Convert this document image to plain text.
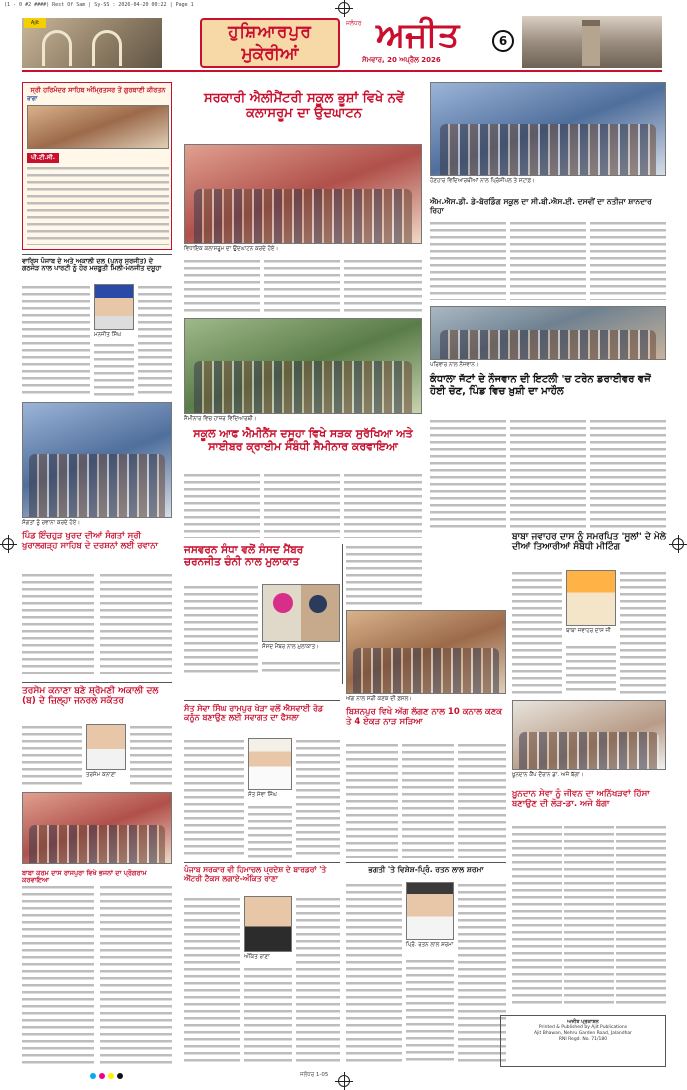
(1 - 0 #2 ####) Rest Of Sam | Sy-SS : 2026-04-20 00:22 | Page 1
Ajit	ਹੁਸ਼ਿਆਰਪੁਰ
ਮੁਕੇਰੀਆਂ
ਜਲੰਧਰ ਅਜੀਤ
ਸੋਮਵਾਰ, 20 ਅਪ੍ਰੈਲ 2026
6
ਸ੍ਰੀ ਹਰਿਮੰਦਰ ਸਾਹਿਬ ਅੰਮ੍ਰਿਤਸਰ ਤੋਂ ਗੁਰਬਾਣੀ ਕੀਰਤਨ
ਰਾਗਾ
ਪੀ.ਟੀ.ਸੀ.
ਸਰਕਾਰੀ ਐਲੀਮੈਂਟਰੀ ਸਕੂਲ ਭੂਸ਼ਾਂ ਵਿਖੇ ਨਵੇਂ ਕਲਾਸਰੂਮ ਦਾ ਉਦਘਾਟਨ
ਵਿਧਾਇਕ ਕਲਾਸਰੂਮ ਦਾ ਉਦਘਾਟਨ ਕਰਦੇ ਹੋਏ।
ਹੋਣਹਾਰ ਵਿਦਿਆਰਥੀਆਂ ਨਾਲ ਪ੍ਰਿੰਸੀਪਲ ਤੇ ਸਟਾਫ਼।
ਐਮ.ਐਸ.ਡੀ. ਡੇ-ਬੋਰਡਿੰਗ ਸਕੂਲ ਦਾ ਸੀ.ਬੀ.ਐਸ.ਈ. ਦਸਵੀਂ ਦਾ ਨਤੀਜਾ ਸ਼ਾਨਦਾਰ ਰਿਹਾ
ਵਾਰਿਸ ਪੰਜਾਬ ਦੇ ਅਤੇ ਅਕਾਲੀ ਦਲ (ਪੁਨਰ ਸੁਰਜੀਤ) ਦੇ ਗਠਜੋੜ ਨਾਲ ਪਾਰਟੀ ਨੂੰ ਹੋਰ ਮਜ਼ਬੂਤੀ ਮਿਲੀ-ਮਨਜੀਤ ਦਸੂਹਾ
ਮਨਜੀਤ ਸਿੰਘ
ਸੈਮੀਨਾਰ ਵਿਚ ਹਾਜ਼ਰ ਵਿਦਿਆਰਥੀ।
ਸਕੂਲ ਆਫ ਐਮੀਨੈਂਸ ਦਸੂਹਾ ਵਿਖੇ ਸੜਕ ਸੁਰੱਖਿਆ ਅਤੇ ਸਾਈਬਰ ਕ੍ਰਾਈਮ ਸੰਬੰਧੀ ਸੈਮੀਨਾਰ ਕਰਵਾਇਆ
ਪਰਿਵਾਰ ਨਾਲ ਨੌਜਵਾਨ।
ਕੰਧਾਲਾ ਜੱਟਾਂ ਦੇ ਨੌਜਵਾਨ ਦੀ ਇਟਲੀ 'ਚ ਟਰੇਨ ਡਰਾਈਵਰ ਵਜੋਂ ਹੋਈ ਚੋਣ, ਪਿੰਡ ਵਿਚ ਖ਼ੁਸ਼ੀ ਦਾ ਮਾਹੌਲ
ਸੰਗਤਾਂ ਨੂੰ ਰਵਾਨਾ ਕਰਦੇ ਹੋਏ।
ਪਿੰਡ ਇੰਚਹੁੜ ਖੁਰਦ ਦੀਆਂ ਸੰਗਤਾਂ ਸ੍ਰੀ ਖੁਰਾਲਗੜ੍ਹ ਸਾਹਿਬ ਦੇ ਦਰਸ਼ਨਾਂ ਲਈ ਰਵਾਨਾ	ਜਸਵਰਨ ਸੰਧਾ ਵਲੋਂ ਸੰਸਦ ਮੈਂਬਰ ਚਰਨਜੀਤ ਚੰਨੀ ਨਾਲ ਮੁਲਾਕਾਤ
ਸੰਸਦ ਮੈਂਬਰ ਨਾਲ ਮੁਲਾਕਾਤ।
ਅੱਗ ਨਾਲ ਸੜੀ ਕਣਕ ਦੀ ਫ਼ਸਲ।
ਬਾਬਾ ਜਵਾਹਰ ਦਾਸ ਨੂੰ ਸਮਰਪਿਤ 'ਸੂਲਾਂ' ਦੇ ਮੇਲੇ ਦੀਆਂ ਤਿਆਰੀਆਂ ਸੰਬੰਧੀ ਮੀਟਿੰਗ
ਬਾਬਾ ਜਵਾਹਰ ਦਾਸ ਜੀ
ਤਰਸੇਮ ਕਨਾਣਾ ਬਣੇ ਸ਼੍ਰੋਮਣੀ ਅਕਾਲੀ ਦਲ (ਬ) ਦੇ ਜ਼ਿਲ੍ਹਾ ਜਨਰਲ ਸਕੱਤਰ
ਤਰਸੇਮ ਕਨਾਣਾ
ਬਾਬਾ ਕਰਮ ਦਾਸ ਰਾਜਪੁਰਾ ਵਿਖੇ ਭਜਨਾਂ ਦਾ ਪ੍ਰੋਗਰਾਮ ਕਰਵਾਇਆ
ਸੰਤ ਸੇਵਾ ਸਿੰਘ ਰਾਮਪੁਰ ਖੇੜਾ ਵਲੋਂ ਐਸਵਾਈ ਰੋਡ ਕਨੂੰਨ ਬਣਾਉਣ ਲਈ ਸਵਾਗਤ ਦਾ ਫੈਸਲਾ
ਸੰਤ ਸੇਵਾ ਸਿੰਘ
ਬਿਸ਼ਨਪੁਰ ਵਿਖੇ ਅੱਗ ਲੱਗਣ ਨਾਲ 10 ਕਨਾਲ ਕਣਕ ਤੇ 4 ਏਕੜ ਨਾੜ ਸੜਿਆ
ਖ਼ੂਨਦਾਨ ਕੈਂਪ ਦੌਰਾਨ ਡਾ. ਅਜੇ ਬੱਗਾ।
ਖ਼ੂਨਦਾਨ ਸੇਵਾ ਨੂੰ ਜੀਵਨ ਦਾ ਅਨਿੱਖੜਵਾਂ ਹਿੱਸਾ ਬਣਾਉਣ ਦੀ ਲੋੜ-ਡਾ. ਅਜੇ ਬੱਗਾ
ਪੰਜਾਬ ਸਰਕਾਰ ਵੀ ਹਿਮਾਚਲ ਪ੍ਰਦੇਸ਼ ਦੇ ਬਾਰਡਰਾਂ 'ਤੇ ਐਂਟਰੀ ਟੈਕਸ ਲਗਾਏ-ਅੰਕਿਤ ਰਾਣਾ
ਅੰਕਿਤ ਰਾਣਾ
ਭਗਤੀ 'ਤੇ ਵਿਸ਼ੇਸ਼-ਪ੍ਰਿੰ. ਰਤਨ ਲਾਲ ਸ਼ਰਮਾ
ਪ੍ਰਿੰ. ਰਤਨ ਲਾਲ ਸ਼ਰਮਾ
ਅਜੀਤ ਪ੍ਰਕਾਸ਼ਨ
Printed & Published by Ajit Publications
Ajit Bhawan, Nehru Garden Road, Jalandhar
RNI Regd. No. 71/180
ਜਲੰਧਰ 1-05
